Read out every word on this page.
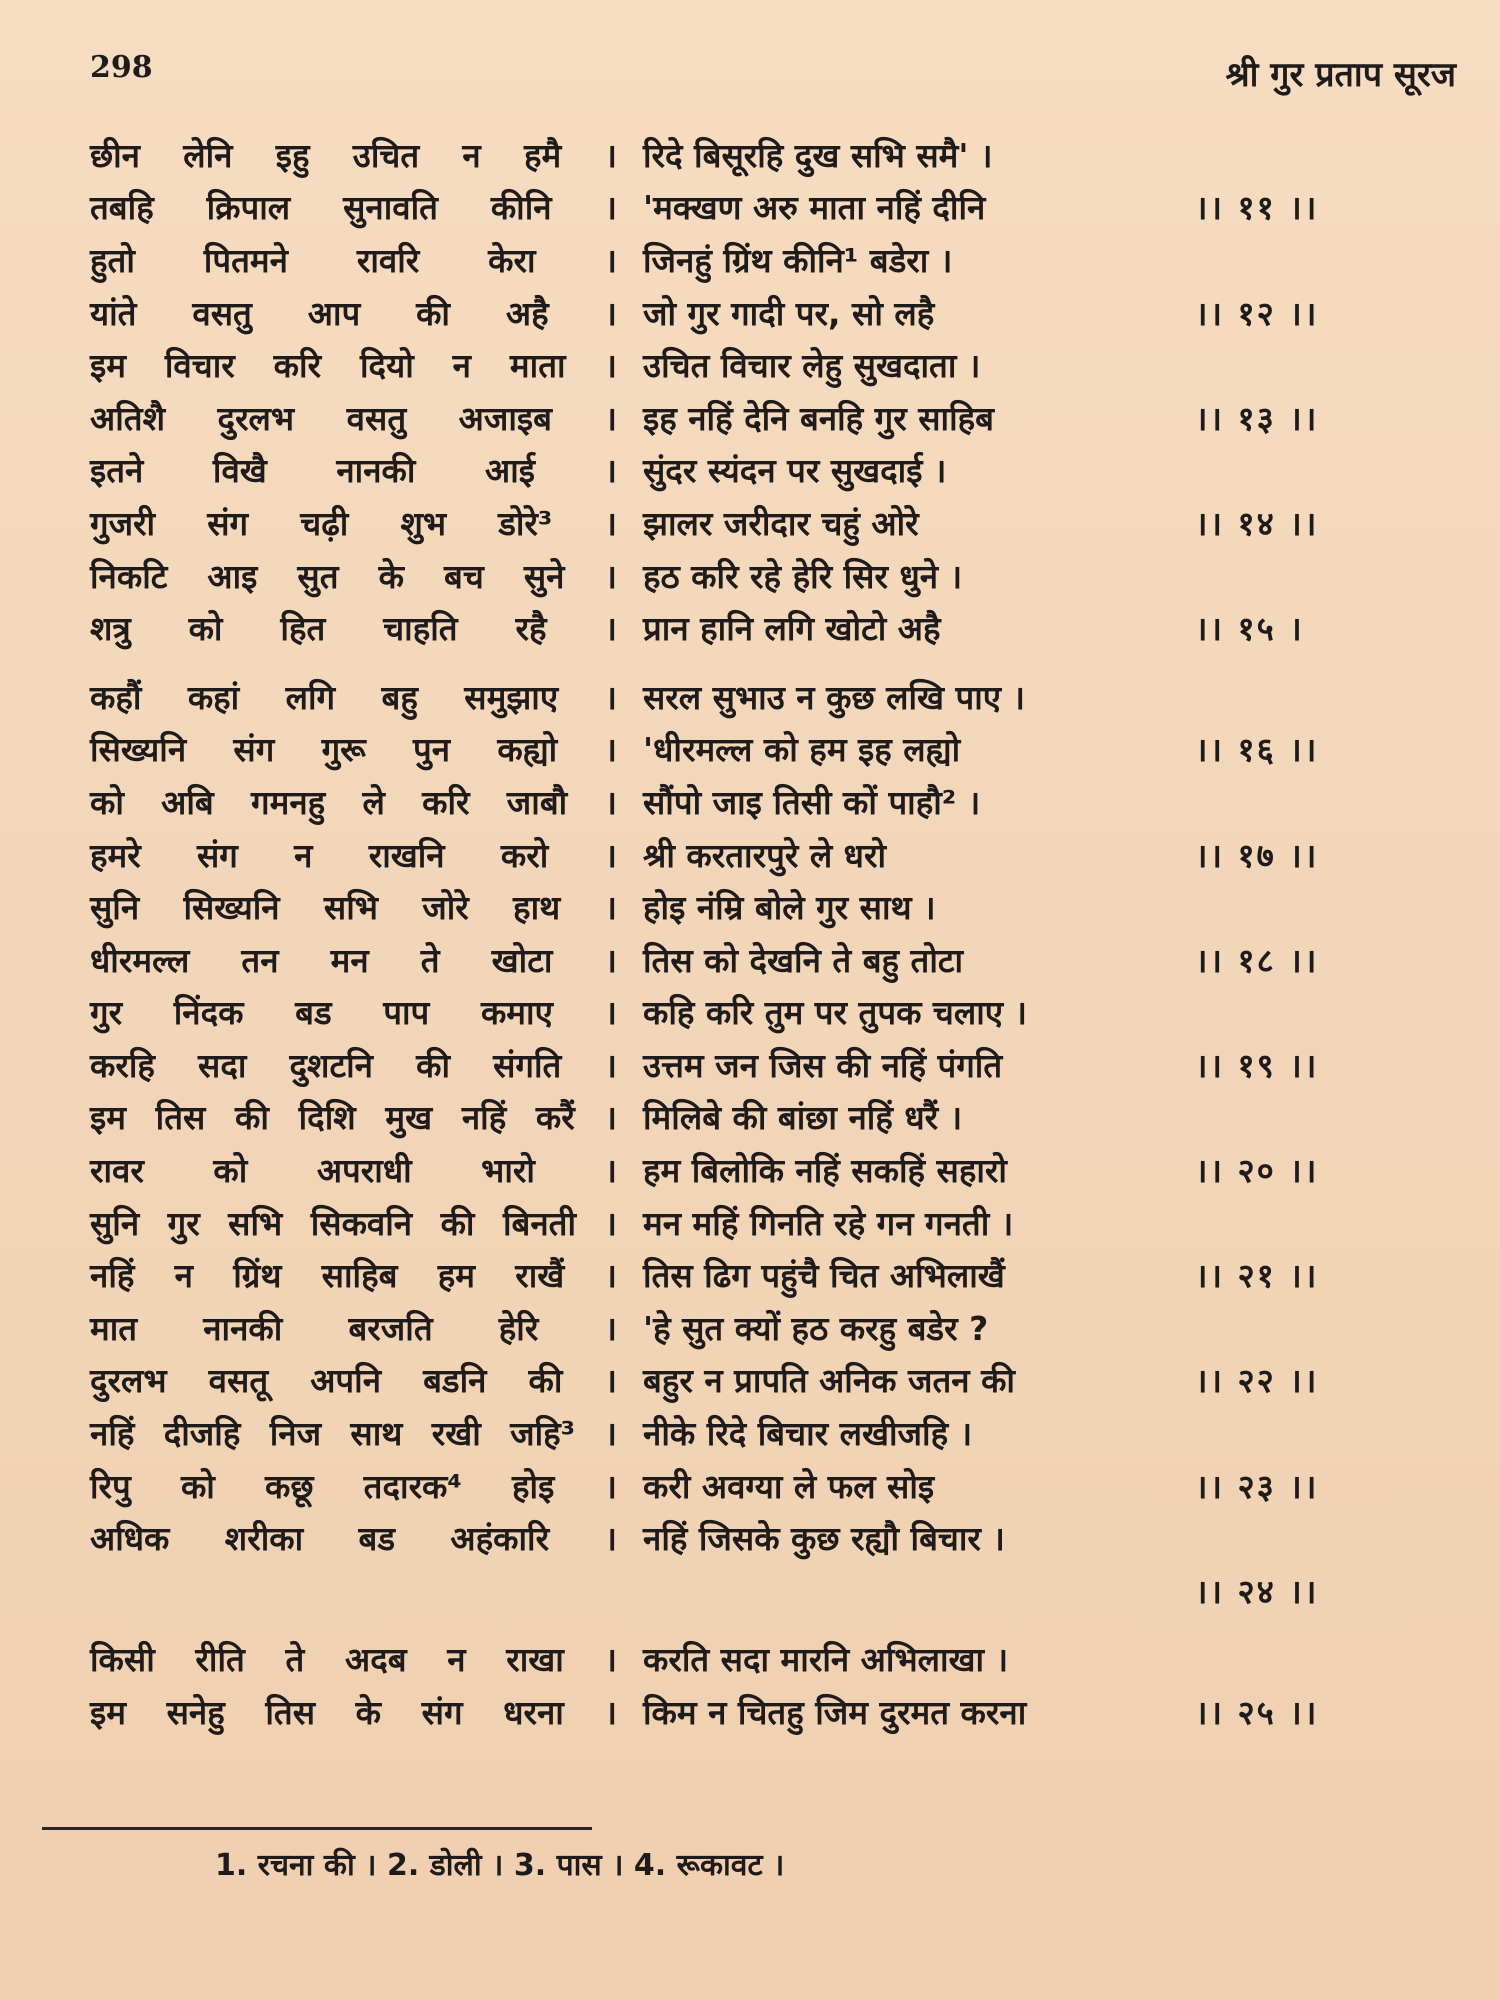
298	श्री गुर प्रताप सूरज
छीन लेनि इहु उचित न हमै । रिदे बिसूरहि दुख सभि समै' ।
तबहि क्रिपाल सुनावति कीनि । 'मक्खण अरु माता नहिं दीनि	।। ११ ।।
हुतो पितमने रावरि केरा । जिनहुं ग्रिंथ कीनि¹ बडेरा ।
यांते वसतु आप की अहै । जो गुर गादी पर, सो लहै	।। १२ ।।
इम विचार करि दियो न माता । उचित विचार लेहु सुखदाता ।
अतिशै दुरलभ वसतु अजाइब । इह नहिं देनि बनहि गुर साहिब	।। १३ ।।
इतने विखै नानकी आई । सुंदर स्यंदन पर सुखदाई ।
गुजरी संग चढ़ी शुभ डोरे³ । झालर जरीदार चहुं ओरे	।। १४ ।।
निकटि आइ सुत के बच सुने । हठ करि रहे हेरि सिर धुने ।
शत्रु को हित चाहति रहै । प्रान हानि लगि खोटो अहै	।। १५ ।
कहौं कहां लगि बहु समुझाए । सरल सुभाउ न कुछ लखि पाए ।
सिख्यनि संग गुरू पुन कह्यो । 'धीरमल्ल को हम इह लह्यो	।। १६ ।।
को अबि गमनहु ले करि जाबौ । सौंपो जाइ तिसी कों पाहौ² ।
हमरे संग न राखनि करो । श्री करतारपुरे ले धरो	।। १७ ।।
सुनि सिख्यनि सभि जोरे हाथ । होइ नंम्रि बोले गुर साथ ।
धीरमल्ल तन मन ते खोटा । तिस को देखनि ते बहु तोटा	।। १८ ।।
गुर निंदक बड पाप कमाए । कहि करि तुम पर तुपक चलाए ।
करहि सदा दुशटनि की संगति । उत्तम जन जिस की नहिं पंगति	।। १९ ।।
इम तिस की दिशि मुख नहिं करैं । मिलिबे की बांछा नहिं धरैं ।
रावर को अपराधी भारो । हम बिलोकि नहिं सकहिं सहारो	।। २० ।।
सुनि गुर सभि सिकवनि की बिनती । मन महिं गिनति रहे गन गनती ।
नहिं न ग्रिंथ साहिब हम राखैं । तिस ढिग पहुंचै चित अभिलाखैं	।। २१ ।।
मात नानकी बरजति हेरि । 'हे सुत क्यों हठ करहु बडेर ?
दुरलभ वसतू अपनि बडनि की । बहुर न प्रापति अनिक जतन की	।। २२ ।।
नहिं दीजहि निज साथ रखी जहि³ । नीके रिदे बिचार लखीजहि ।
रिपु को कछू तदारक⁴ होइ । करी अवग्या ले फल सोइ	।। २३ ।।
अधिक शरीका बड अहंकारि । नहिं जिसके कुछ रह्यौ बिचार ।
।। २४ ।।
किसी रीति ते अदब न राखा । करति सदा मारनि अभिलाखा ।
इम सनेहु तिस के संग धरना । किम न चितहु जिम दुरमत करना	।। २५ ।।
1. रचना की । 2. डोली । 3. पास । 4. रूकावट ।
